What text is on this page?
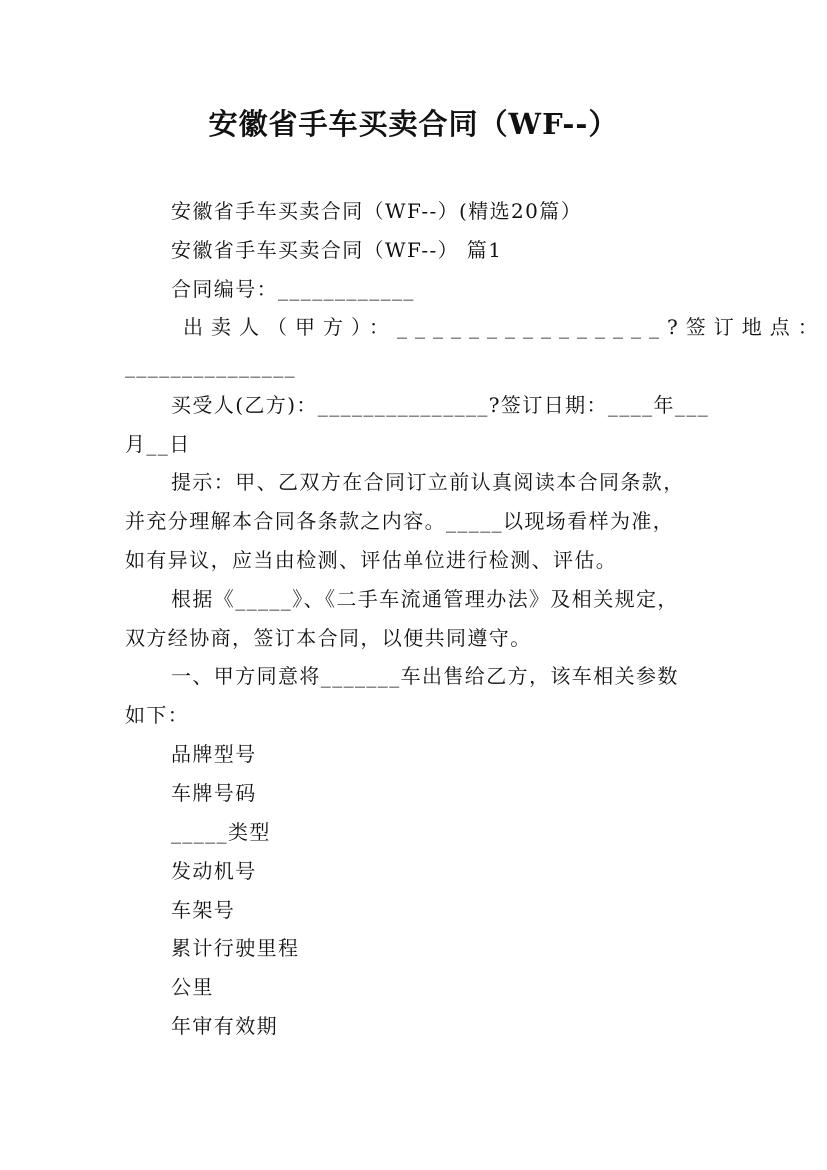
安徽省手车买卖合同（WF--）
安徽省手车买卖合同（WF--）(精选20篇）
安徽省手车买卖合同（WF--） 篇1
合同编号：____________
出卖人（甲方）：_______________?签订地点：
_______________
买受人(乙方)：_______________?签订日期：____年___
月__日
提示：甲、乙双方在合同订立前认真阅读本合同条款，
并充分理解本合同各条款之内容。_____以现场看样为准，
如有异议，应当由检测、评估单位进行检测、评估。
根据《_____》、《二手车流通管理办法》及相关规定，
双方经协商，签订本合同，以便共同遵守。
一、甲方同意将_______车出售给乙方，该车相关参数
如下：
品牌型号
车牌号码
_____类型
发动机号
车架号
累计行驶里程
公里
年审有效期
